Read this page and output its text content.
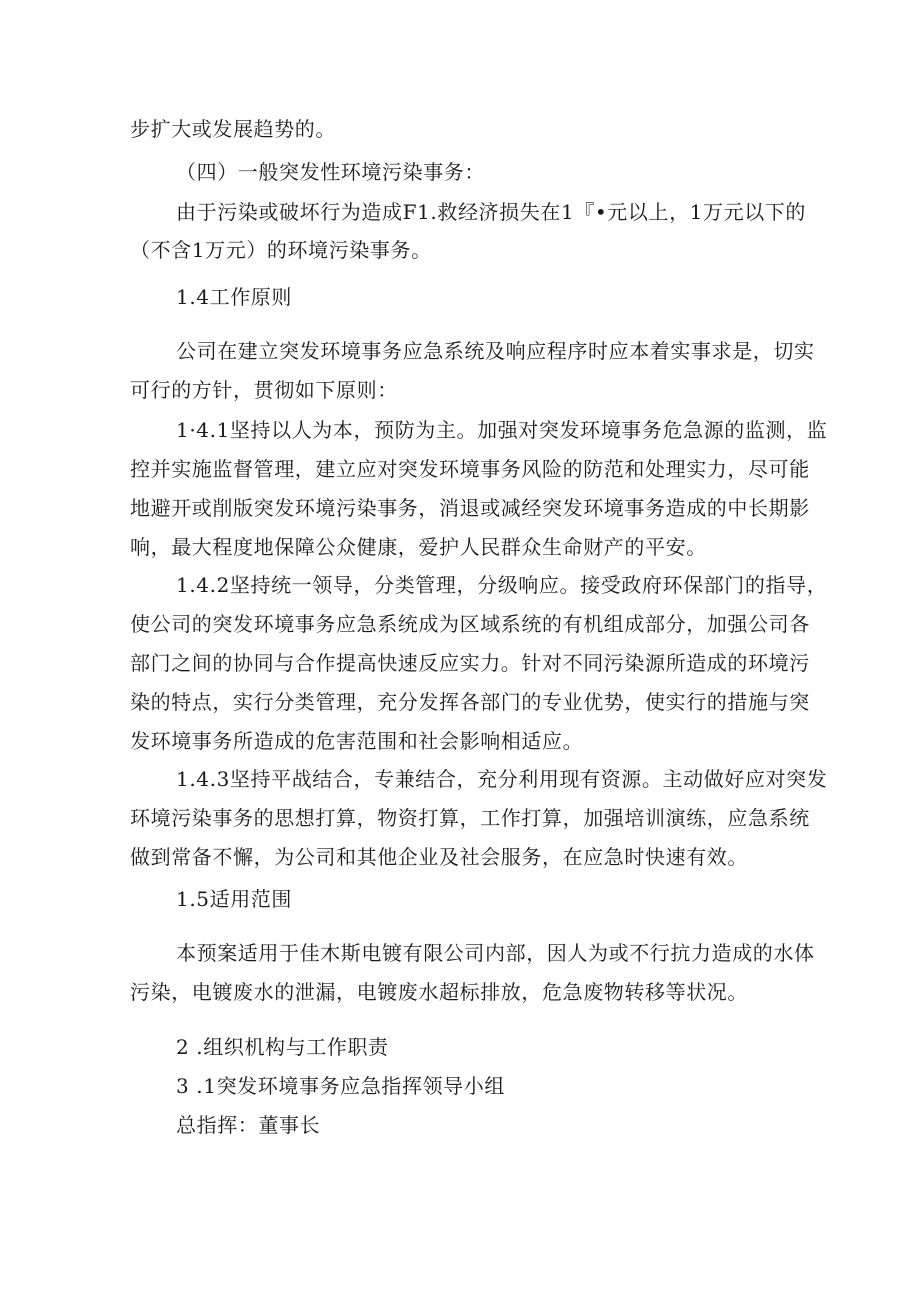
步扩大或发展趋势的。
（四）一般突发性环境污染事务：
由于污染或破坏行为造成F1.救经济损失在1『•元以上，1万元以下的
（不含1万元）的环境污染事务。
1.4工作原则
公司在建立突发环境事务应急系统及响应程序时应本着实事求是，切实
可行的方针，贯彻如下原则：
1·4.1坚持以人为本，预防为主。加强对突发环境事务危急源的监测，监
控并实施监督管理，建立应对突发环境事务风险的防范和处理实力，尽可能
地避开或削版突发环境污染事务，消退或减经突发环境事务造成的中长期影
响，最大程度地保障公众健康，爱护人民群众生命财产的平安。
1.4.2坚持统一领导，分类管理，分级响应。接受政府环保部门的指导，
使公司的突发环境事务应急系统成为区域系统的有机组成部分，加强公司各
部门之间的协同与合作提高快速反应实力。针对不同污染源所造成的环境污
染的特点，实行分类管理，充分发挥各部门的专业优势，使实行的措施与突
发环境事务所造成的危害范围和社会影响相适应。
1.4.3坚持平战结合，专兼结合，充分利用现有资源。主动做好应对突发
环境污染事务的思想打算，物资打算，工作打算，加强培训演练，应急系统
做到常备不懈，为公司和其他企业及社会服务，在应急时快速有效。
1.5适用范围
本预案适用于佳木斯电镀有限公司内部，因人为或不行抗力造成的水体
污染，电镀废水的泄漏，电镀废水超标排放，危急废物转移等状况。
2 .组织机构与工作职责
3 .1突发环境事务应急指挥领导小组
总指挥：董事长
